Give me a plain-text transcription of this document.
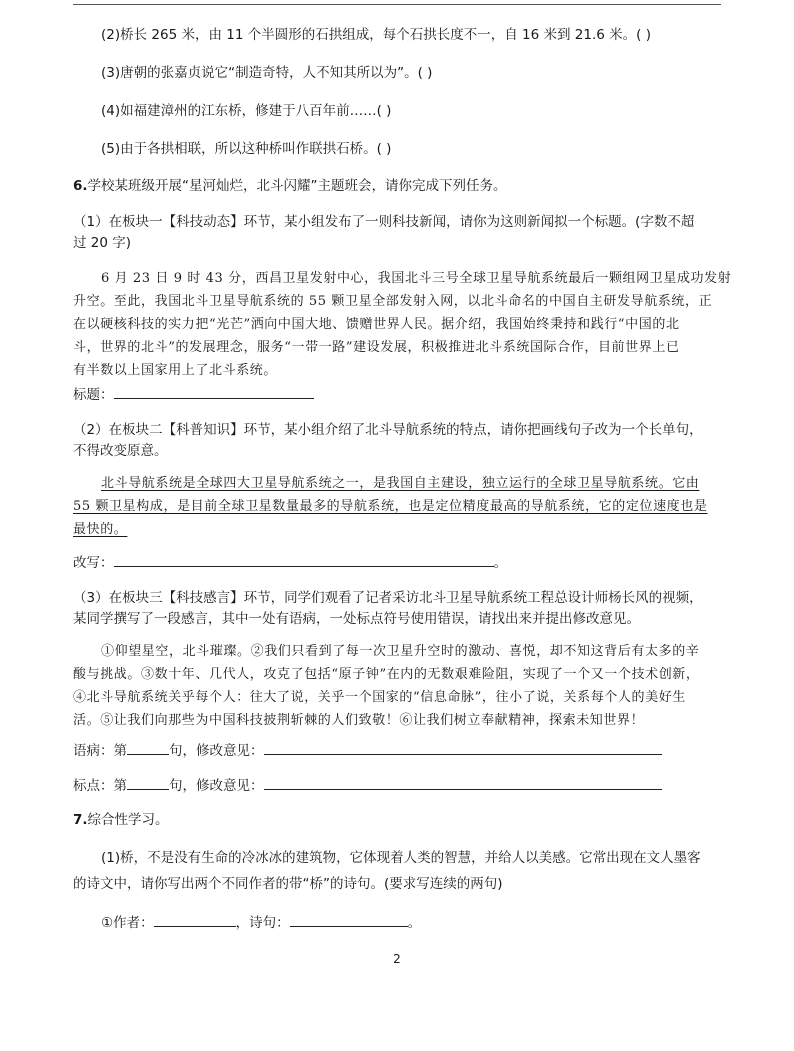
(2)桥长 265 米，由 11 个半圆形的石拱组成，每个石拱长度不一，自 16 米到 21.6 米。( )
(3)唐朝的张嘉贞说它“制造奇特，人不知其所以为”。( )
(4)如福建漳州的江东桥，修建于八百年前……( )
(5)由于各拱相联，所以这种桥叫作联拱石桥。( )
6.学校某班级开展“星河灿烂，北斗闪耀”主题班会，请你完成下列任务。
（1）在板块一【科技动态】环节，某小组发布了一则科技新闻，请你为这则新闻拟一个标题。(字数不超
过 20 字)
6 月 23 日 9 时 43 分，西昌卫星发射中心，我国北斗三号全球卫星导航系统最后一颗组网卫星成功发射
升空。至此，我国北斗卫星导航系统的 55 颗卫星全部发射入网，以北斗命名的中国自主研发导航系统，正
在以硬核科技的实力把“光芒”洒向中国大地、馈赠世界人民。据介绍，我国始终秉持和践行“中国的北
斗，世界的北斗”的发展理念，服务“一带一路”建设发展，积极推进北斗系统国际合作，目前世界上已
有半数以上国家用上了北斗系统。
标题：
（2）在板块二【科普知识】环节，某小组介绍了北斗导航系统的特点，请你把画线句子改为一个长单句，
不得改变原意。
北斗导航系统是全球四大卫星导航系统之一，是我国自主建设，独立运行的全球卫星导航系统。它由
55 颗卫星构成，是目前全球卫星数量最多的导航系统，也是定位精度最高的导航系统，它的定位速度也是
最快的。
改写：	。
（3）在板块三【科技感言】环节，同学们观看了记者采访北斗卫星导航系统工程总设计师杨长风的视频，
某同学撰写了一段感言，其中一处有语病，一处标点符号使用错误，请找出来并提出修改意见。
①仰望星空，北斗璀璨。②我们只看到了每一次卫星升空时的激动、喜悦，却不知这背后有太多的辛
酸与挑战。③数十年、几代人，攻克了包括“原子钟”在内的无数艰难险阻，实现了一个又一个技术创新，
④北斗导航系统关乎每个人：往大了说，关乎一个国家的“信息命脉”，往小了说，关系每个人的美好生
活。⑤让我们向那些为中国科技披荆斩棘的人们致敬！⑥让我们树立奉献精神，探索未知世界！
语病：第	句，修改意见：
标点：第	句，修改意见：
7.综合性学习。
(1)桥，不是没有生命的冷冰冰的建筑物，它体现着人类的智慧，并给人以美感。它常出现在文人墨客
的诗文中，请你写出两个不同作者的带“桥”的诗句。(要求写连续的两句)
①作者：	，诗句：	。
2
